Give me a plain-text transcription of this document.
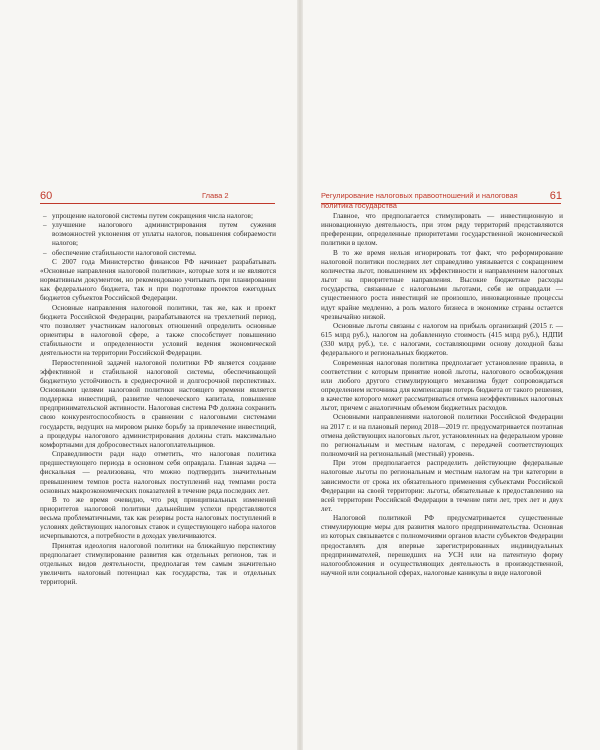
60	Глава 2

– упрощение налоговой системы путем сокращения числа налогов;

– улучшение налогового администрирования путем сужения возможностей уклонения от уплаты налогов, повышения собираемости налогов;

– обеспечение стабильности налоговой системы.

С 2007 года Министерство финансов РФ начинает разрабатывать «Основные направления налоговой политики», которые хотя и не являются нормативным документом, но рекомендовано учитывать при планировании как федерального бюджета, так и при подготовке проектов ежегодных бюджетов субъектов Российской Федерации.

Основные направления налоговой политики, так же, как и проект бюджета Российской Федерации, разрабатываются на трехлетний период, что позволяет участникам налоговых отношений определить основные ориентиры в налоговой сфере, а также способствует повышению стабильности и определенности условий ведения экономической деятельности на территории Российской Федерации.

Первостепенной задачей налоговой политики РФ является создание эффективной и стабильной налоговой системы, обеспечивающей бюджетную устойчивость в среднесрочной и долгосрочной перспективах. Основными целями налоговой политики настоящего времени является поддержка инвестиций, развитие человеческого капитала, повышение предпринимательской активности. Налоговая система РФ должна сохранить свою конкурентоспособность в сравнении с налоговыми системами государств, ведущих на мировом рынке борьбу за привлечение инвестиций, а процедуры налогового администрирования должны стать максимально комфортными для добросовестных налогоплательщиков.

Справедливости ради надо отметить, что налоговая политика предшествующего периода в основном себя оправдала. Главная задача — фискальная — реализована, что можно подтвердить значительным превышением темпов роста налоговых поступлений над темпами роста основных макроэкономических показателей в течение ряда последних лет.

В то же время очевидно, что ряд принципиальных изменений приоритетов налоговой политики дальнейшим успехи представляются весьма проблематичными, так как резервы роста налоговых поступлений в условиях действующих налоговых ставок и существующего набора налогов исчерпываются, а потребности в доходах увеличиваются.

Принятая идеология налоговой политики на ближайшую перспективу предполагает стимулирование развития как отдельных регионов, так и отдельных видов деятельности, предполагая тем самым значительно увеличить налоговый потенциал как государства, так и отдельных территорий.

Регулирование налоговых правоотношений и налоговая политика государства
61

Главное, что предполагается стимулировать — инвестиционную и инновационную деятельность, при этом ряду территорий представляются преференции, определенные приоритетами государственной экономической политики в целом.

В то же время нельзя игнорировать тот факт, что реформирование налоговой политики последних лет справедливо увязывается с сокращением количества льгот, повышением их эффективности и направлением налоговых льгот на приоритетные направления. Высокие бюджетные расходы государства, связанные с налоговыми льготами, себя не оправдали — существенного роста инвестиций не произошло, инновационные процессы идут крайне медленно, а роль малого бизнеса в экономике страны остается чрезвычайно низкой.

Основные льготы связаны с налогом на прибыль организаций (2015 г. — 615 млрд руб.), налогом на добавленную стоимость (415 млрд руб.), НДПИ (330 млрд руб.), т.е. с налогами, составляющими основу доходной базы федерального и региональных бюджетов.

Современная налоговая политика предполагает установление правила, в соответствии с которым принятие новой льготы, налогового освобождения или любого другого стимулирующего механизма будет сопровождаться определением источника для компенсации потерь бюджета от такого решения, в качестве которого может рассматриваться отмена неэффективных налоговых льгот, причем с аналогичным объемом бюджетных расходов.

Основными направлениями налоговой политики Российской Федерации на 2017 г. и на плановый период 2018—2019 гг. предусматривается поэтапная отмена действующих налоговых льгот, установленных на федеральном уровне по региональным и местным налогам, с передачей соответствующих полномочий на региональный (местный) уровень.

При этом предполагается распределить действующие федеральные налоговые льготы по региональным и местным налогам на три категории в зависимости от срока их обязательного применения субъектами Российской Федерации на своей территории: льготы, обязательные к предоставлению на всей территории Российской Федерации в течение пяти лет, трех лет и двух лет.

Налоговой политикой РФ предусматривается существенные стимулирующие меры для развития малого предпринимательства. Основная из которых связывается с полномочиями органов власти субъектов Федерации предоставлять для впервые зарегистрированных индивидуальных предпринимателей, перешедших на УСН или на патентную форму налогообложения и осуществляющих деятельность в производственной, научной или социальной сферах, налоговые каникулы в виде налоговой
